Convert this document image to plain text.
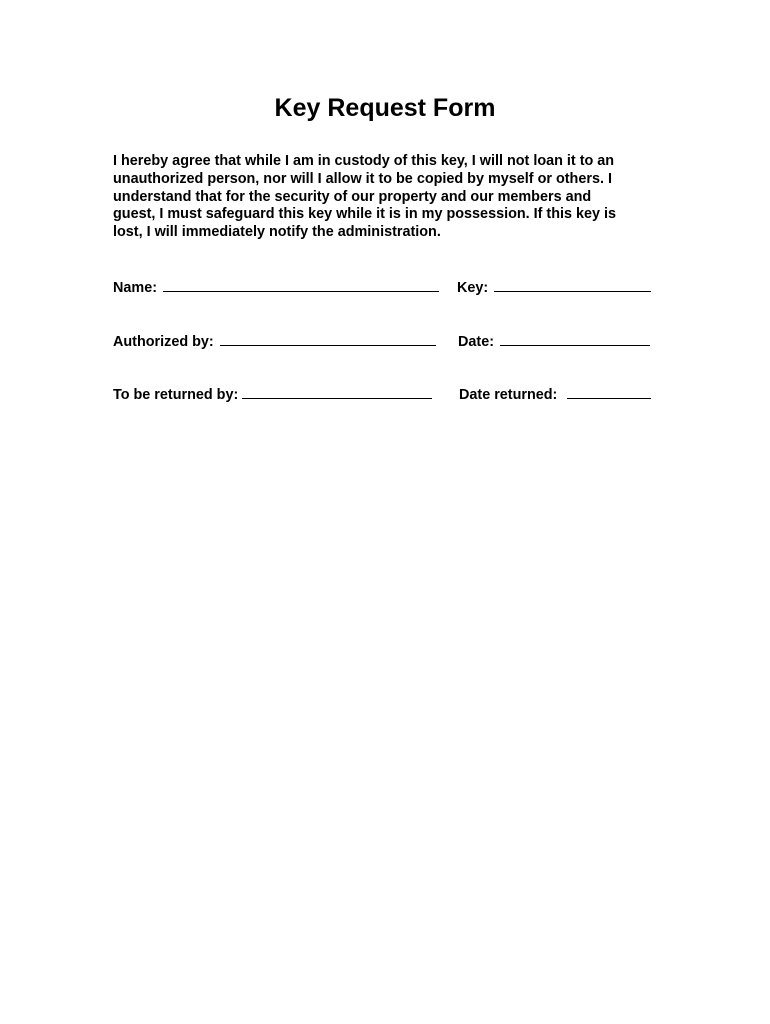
Key Request Form

I hereby agree that while I am in custody of this key, I will not loan it to an
unauthorized person, nor will I allow it to be copied by myself or others. I
understand that for the security of our property and our members and
guest, I must safeguard this key while it is in my possession. If this key is
lost, I will immediately notify the administration.

Name:	Key:
Authorized by:	Date:
To be returned by:	Date returned:
